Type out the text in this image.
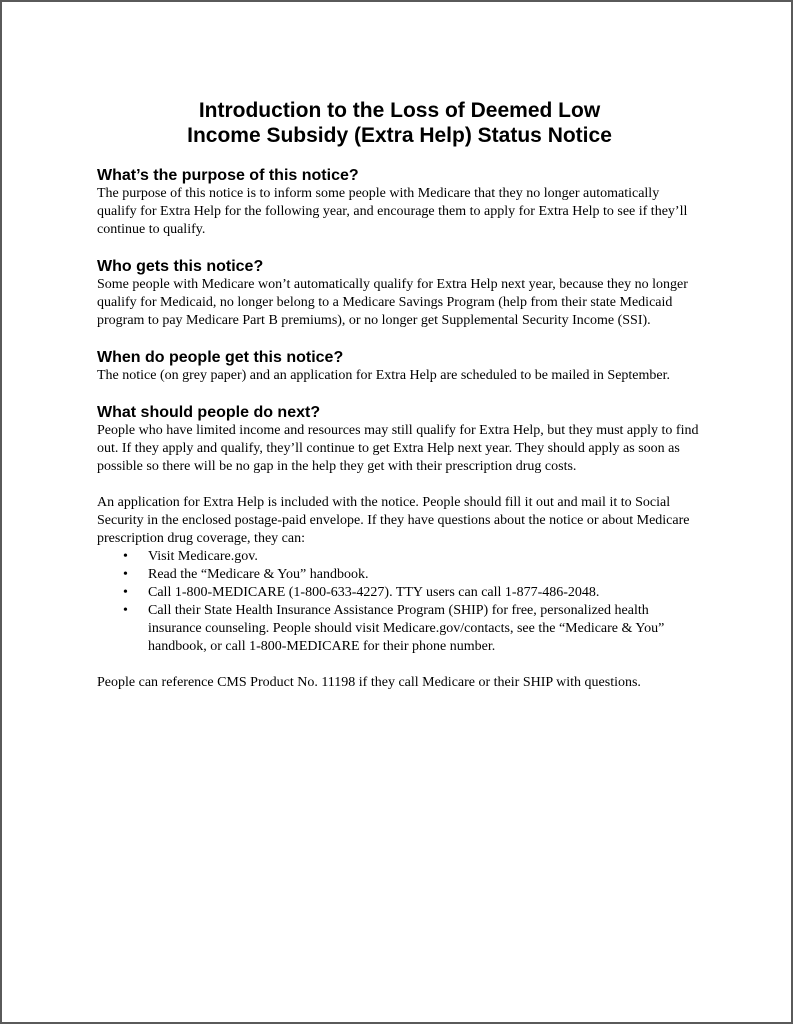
Introduction to the Loss of Deemed Low
Income Subsidy (Extra Help) Status Notice
What’s the purpose of this notice?

The purpose of this notice is to inform some people with Medicare that they no longer automatically qualify for Extra Help for the following year, and encourage them to apply for Extra Help to see if they’ll continue to qualify.

Who gets this notice?

Some people with Medicare won’t automatically qualify for Extra Help next year, because they no longer qualify for Medicaid, no longer belong to a Medicare Savings Program (help from their state Medicaid program to pay Medicare Part B premiums), or no longer get Supplemental Security Income (SSI).

When do people get this notice?

The notice (on grey paper) and an application for Extra Help are scheduled to be mailed in September.

What should people do next?

People who have limited income and resources may still qualify for Extra Help, but they must apply to find out. If they apply and qualify, they’ll continue to get Extra Help next year. They should apply as soon as possible so there will be no gap in the help they get with their prescription drug costs.

An application for Extra Help is included with the notice. People should fill it out and mail it to Social Security in the enclosed postage-paid envelope. If they have questions about the notice or about Medicare prescription drug coverage, they can:

• Visit Medicare.gov.
• Read the “Medicare & You” handbook.
• Call 1-800-MEDICARE (1-800-633-4227). TTY users can call 1-877-486-2048.
• Call their State Health Insurance Assistance Program (SHIP) for free, personalized health insurance counseling. People should visit Medicare.gov/contacts, see the “Medicare & You” handbook, or call 1-800-MEDICARE for their phone number.

People can reference CMS Product No. 11198 if they call Medicare or their SHIP with questions.
